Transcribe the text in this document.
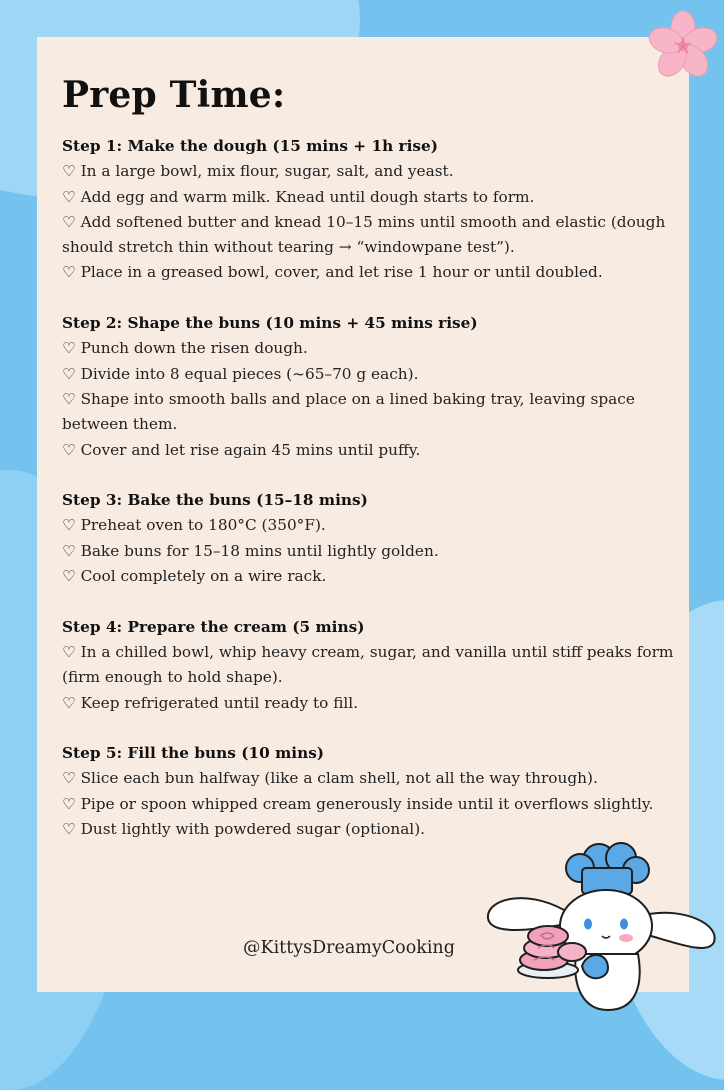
Prep Time:
Step 1: Make the dough (15 mins + 1h rise)
♡ In a large bowl, mix flour, sugar, salt, and yeast.
♡ Add egg and warm milk. Knead until dough starts to form.
♡ Add softened butter and knead 10–15 mins until smooth and elastic (dough should stretch thin without tearing → “windowpane test”).
♡ Place in a greased bowl, cover, and let rise 1 hour or until doubled.
Step 2: Shape the buns (10 mins + 45 mins rise)
♡ Punch down the risen dough.
♡ Divide into 8 equal pieces (~65–70 g each).
♡ Shape into smooth balls and place on a lined baking tray, leaving space between them.
♡ Cover and let rise again 45 mins until puffy.
Step 3: Bake the buns (15–18 mins)
♡ Preheat oven to 180°C (350°F).
♡ Bake buns for 15–18 mins until lightly golden.
♡ Cool completely on a wire rack.
Step 4: Prepare the cream (5 mins)
♡ In a chilled bowl, whip heavy cream, sugar, and vanilla until stiff peaks form (firm enough to hold shape).
♡ Keep refrigerated until ready to fill.
Step 5: Fill the buns (10 mins)
♡ Slice each bun halfway (like a clam shell, not all the way through).
♡ Pipe or spoon whipped cream generously inside until it overflows slightly.
♡ Dust lightly with powdered sugar (optional).
@KittysDreamyCooking
